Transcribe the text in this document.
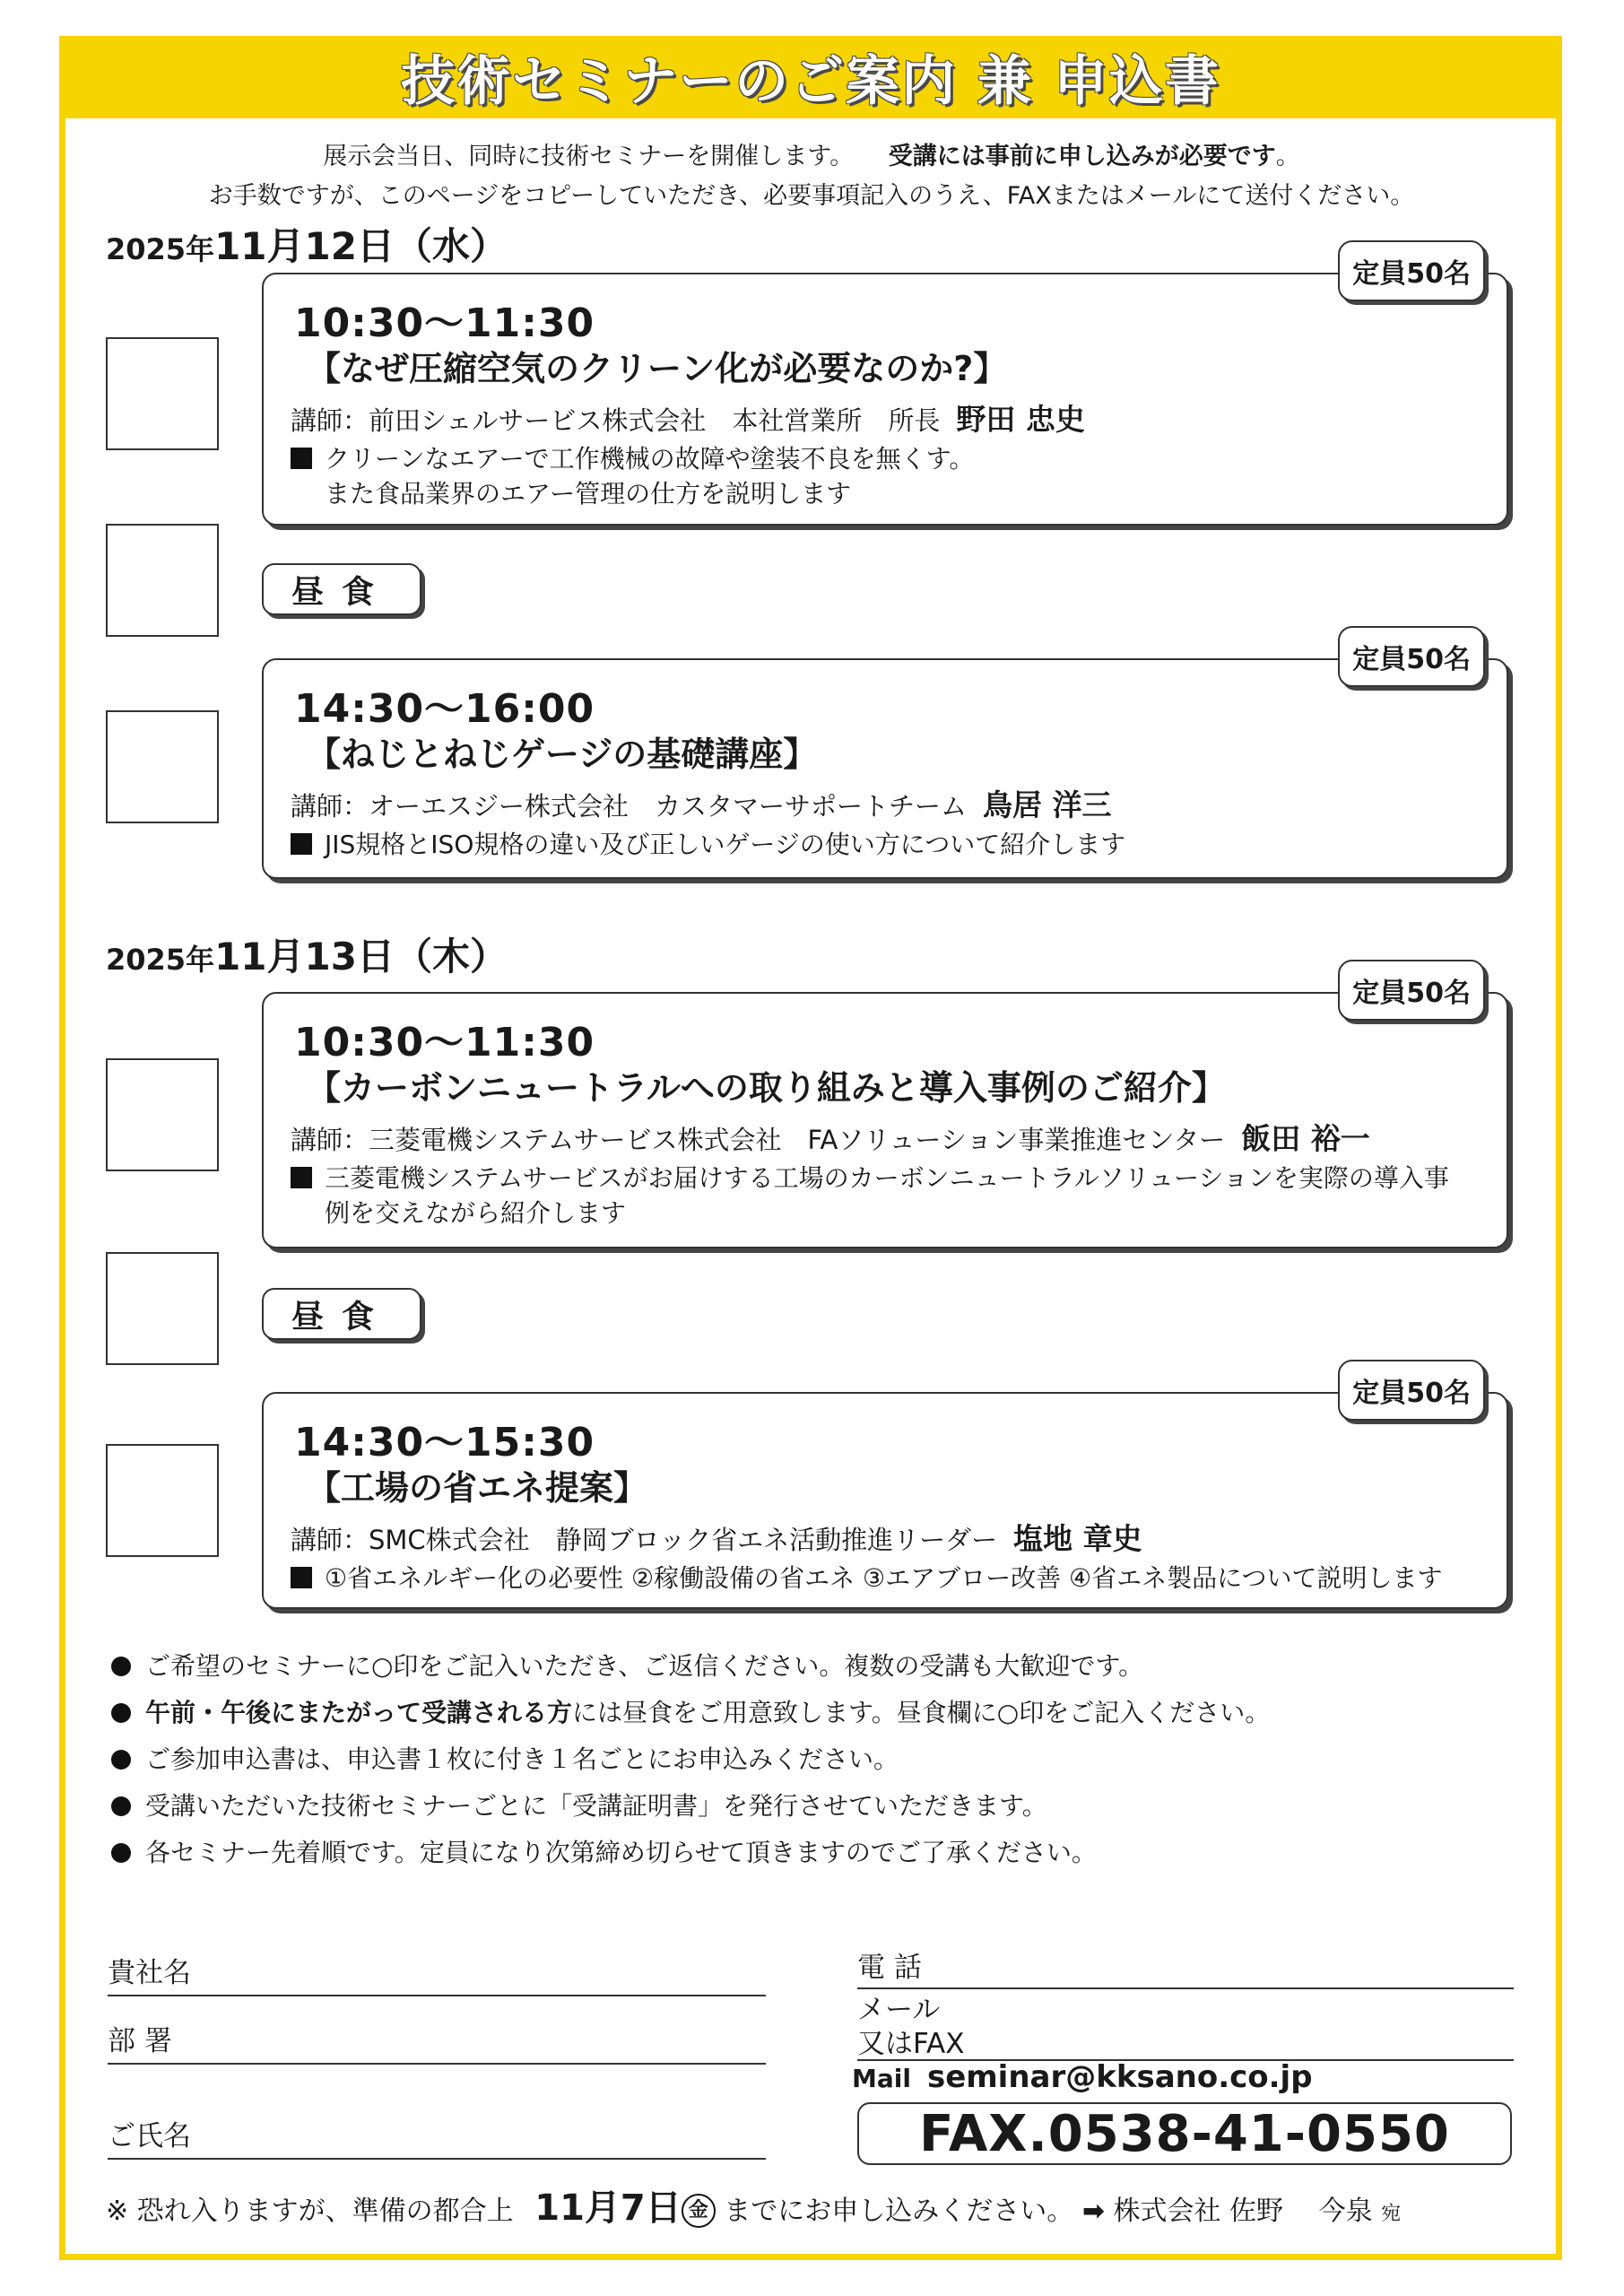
技術セミナーのご案内 兼 申込書
展示会当日、同時に技術セミナーを開催します。 受講には事前に申し込みが必要です。
お手数ですが、このページをコピーしていただき、必要事項記入のうえ、FAXまたはメールにて送付ください。
2025年11月12日（水）
定員50名
10:30〜11:30
【なぜ圧縮空気のクリーン化が必要なのか?】
講師：前田シェルサービス株式会社　本社営業所　所長 野田 忠史
クリーンなエアーで工作機械の故障や塗装不良を無くす。
また食品業界のエアー管理の仕方を説明します
昼食
定員50名
14:30〜16:00
【ねじとねじゲージの基礎講座】
講師：オーエスジー株式会社　カスタマーサポートチーム 鳥居 洋三
JIS規格とISO規格の違い及び正しいゲージの使い方について紹介します
2025年11月13日（木）
定員50名
10:30〜11:30
【カーボンニュートラルへの取り組みと導入事例のご紹介】
講師：三菱電機システムサービス株式会社　FAソリューション事業推進センター 飯田 裕一
三菱電機システムサービスがお届けする工場のカーボンニュートラルソリューションを実際の導入事
例を交えながら紹介します
昼食
定員50名
14:30〜15:30
【工場の省エネ提案】
講師：SMC株式会社　静岡ブロック省エネ活動推進リーダー 塩地 章史
①省エネルギー化の必要性 ②稼働設備の省エネ ③エアブロー改善 ④省エネ製品について説明します
ご希望のセミナーに○印をご記入いただき、ご返信ください。複数の受講も大歓迎です。
午前・午後にまたがって受講される方には昼食をご用意致します。昼食欄に○印をご記入ください。
ご参加申込書は、申込書１枚に付き１名ごとにお申込みください。
受講いただいた技術セミナーごとに「受講証明書」を発行させていただきます。
各セミナー先着順です。定員になり次第締め切らせて頂きますのでご了承ください。
貴社名
部 署
ご氏名
電 話
メール
又はFAX
Mail seminar@kksano.co.jp
FAX.0538-41-0550
※ 恐れ入りますが、準備の都合上 11月7日 金 までにお申し込みください。 ➡ 株式会社 佐野　 今泉 宛
